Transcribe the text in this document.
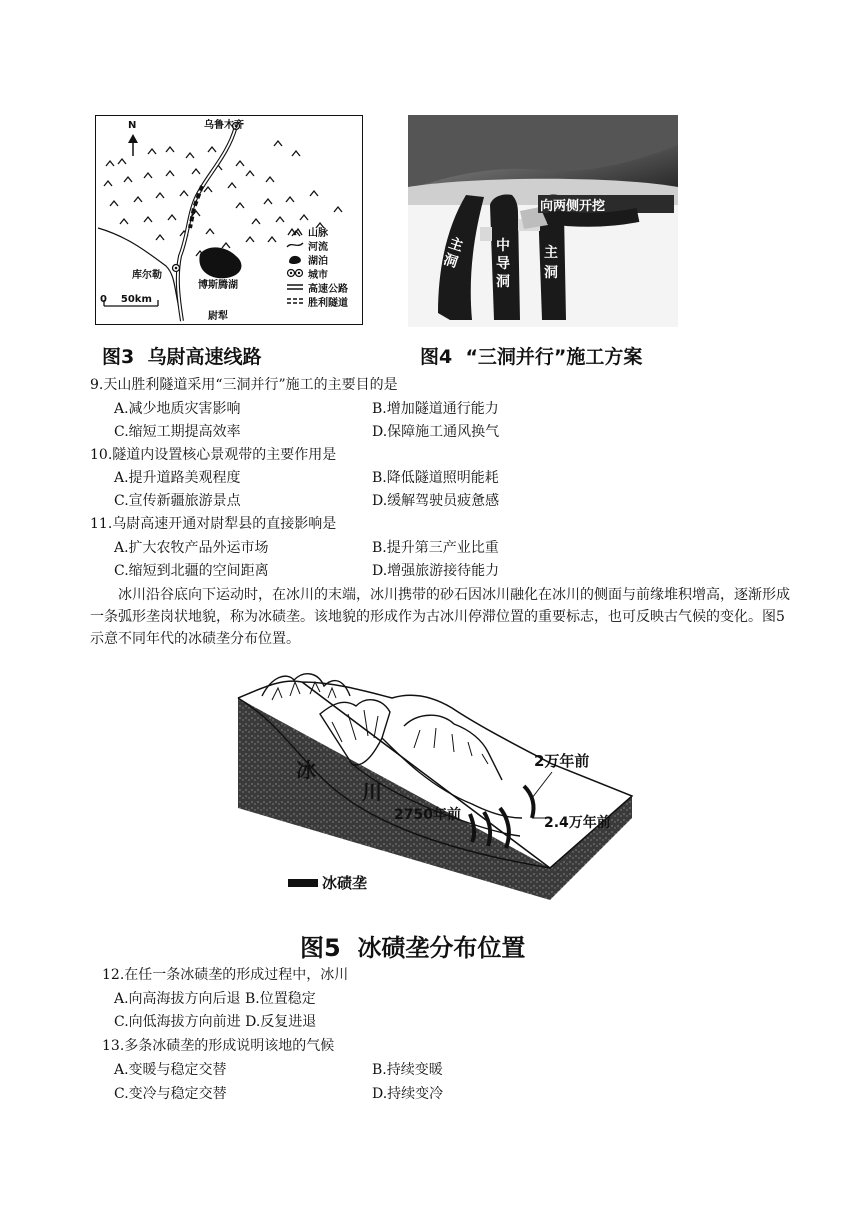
N	乌鲁木齐
库尔勒
博斯腾湖
尉犁
0    50km
山脉
河流
湖泊
城市
高速公路
胜利隧道
图3  乌尉高速线路
向两侧开挖
主洞
中导洞
主洞
图4  “三洞并行”施工方案
9.天山胜利隧道采用“三洞并行”施工的主要目的是
A.减少地质灾害影响	B.增加隧道通行能力
C.缩短工期提高效率	D.保障施工通风换气
10.隧道内设置核心景观带的主要作用是
A.提升道路美观程度	B.降低隧道照明能耗
C.宣传新疆旅游景点	D.缓解驾驶员疲惫感
11.乌尉高速开通对尉犁县的直接影响是
A.扩大农牧产品外运市场	B.提升第三产业比重
C.缩短到北疆的空间距离	D.增强旅游接待能力
冰川沿谷底向下运动时，在冰川的末端，冰川携带的砂石因冰川融化在冰川的侧面与前缘堆积增高，逐渐形成一条弧形垄岗状地貌，称为冰碛垄。该地貌的形成作为古冰川停滞位置的重要标志，也可反映古气候的变化。图5示意不同年代的冰碛垄分布位置。
冰
川
2万年前
2750年前	2.4万年前
冰碛垄
图5  冰碛垄分布位置
12.在任一条冰碛垄的形成过程中，冰川
A.向高海拔方向后退 B.位置稳定
C.向低海拔方向前进 D.反复进退
13.多条冰碛垄的形成说明该地的气候
A.变暖与稳定交替	B.持续变暖
C.变冷与稳定交替	D.持续变冷
